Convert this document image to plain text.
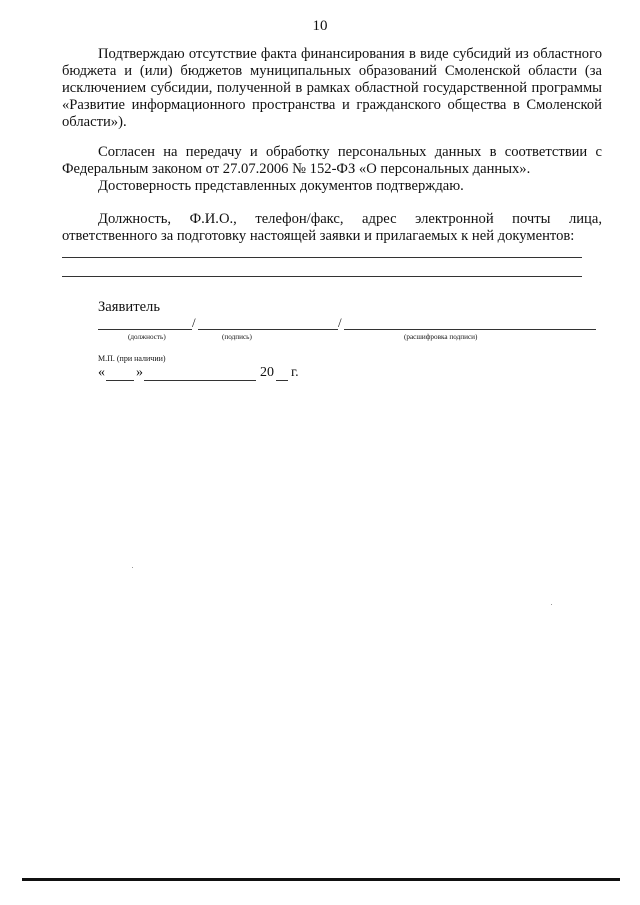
10
Подтверждаю отсутствие факта финансирования в виде субсидий из областного бюджета и (или) бюджетов муниципальных образований Смоленской области (за исключением субсидии, полученной в рамках областной государственной программы «Развитие информационного пространства и гражданского общества в Смоленской области»).
Согласен на передачу и обработку персональных данных в соответствии с Федеральным законом от 27.07.2006 № 152-ФЗ «О персональных данных».
Достоверность представленных документов подтверждаю.
Должность, Ф.И.О., телефон/факс, адрес электронной почты лица, ответственного за подготовку настоящей заявки и прилагаемых к ней документов:
Заявитель
/	/
(должность)	(подпись)	(расшифровка подписи)
М.П. (при наличии)
« »	20 г.
